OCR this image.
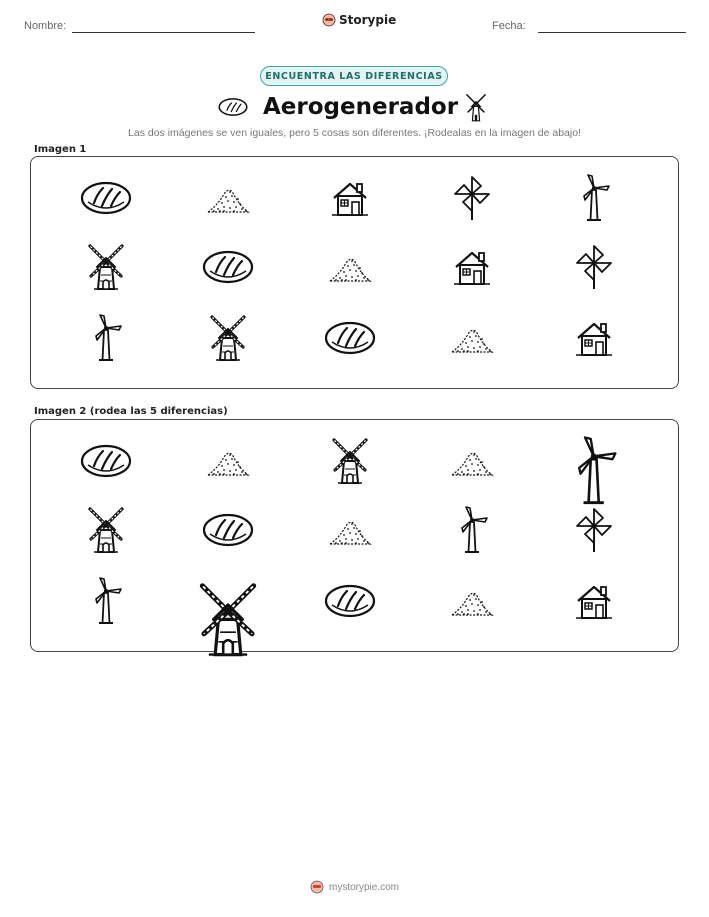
Nombre:	Storypie	Fecha:
ENCUENTRA LAS DIFERENCIAS
Aerogenerador
Las dos imágenes se ven iguales, pero 5 cosas son diferentes. ¡Rodealas en la imagen de abajo!
Imagen 1
Imagen 2 (rodea las 5 diferencias)
mystorypie.com
